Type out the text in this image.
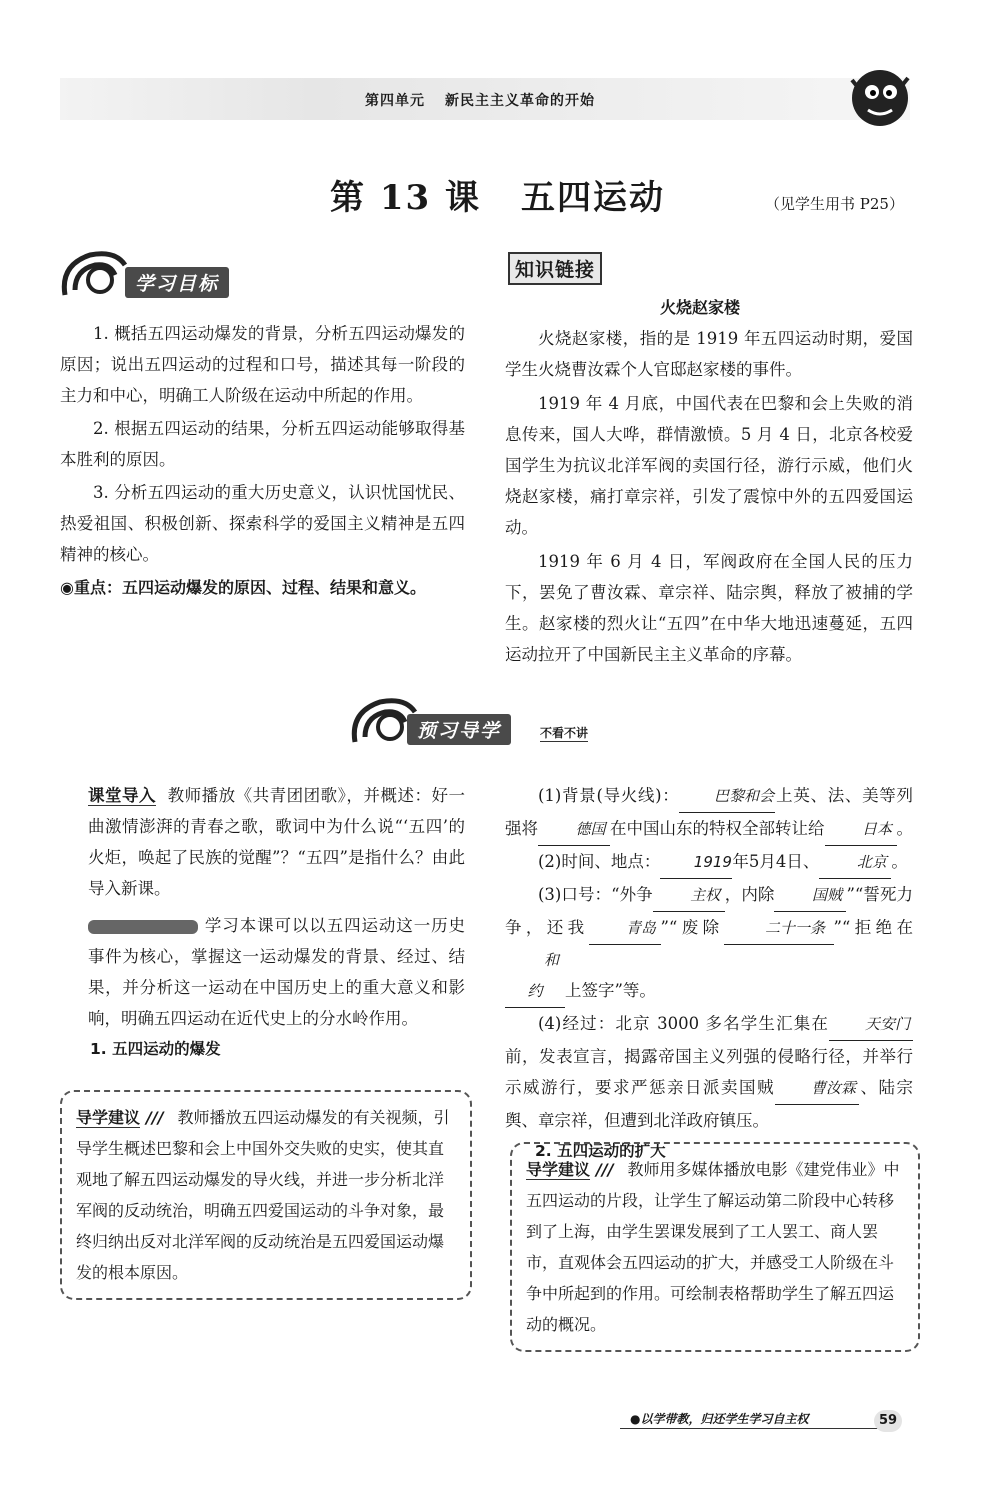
第四单元 新民主主义革命的开始
第 13 课 五四运动	（见学生用书 P25）
学习目标
1. 概括五四运动爆发的背景，分析五四运动爆发的原因；说出五四运动的过程和口号，描述其每一阶段的主力和中心，明确工人阶级在运动中所起的作用。
2. 根据五四运动的结果，分析五四运动能够取得基本胜利的原因。
3. 分析五四运动的重大历史意义，认识忧国忧民、热爱祖国、积极创新、探索科学的爱国主义精神是五四精神的核心。
◉重点：五四运动爆发的原因、过程、结果和意义。
知识链接
火烧赵家楼
火烧赵家楼，指的是 1919 年五四运动时期，爱国学生火烧曹汝霖个人官邸赵家楼的事件。
1919 年 4 月底，中国代表在巴黎和会上失败的消息传来，国人大哗，群情激愤。5 月 4 日，北京各校爱国学生为抗议北洋军阀的卖国行径，游行示威，他们火烧赵家楼，痛打章宗祥，引发了震惊中外的五四爱国运动。
1919 年 6 月 4 日，军阀政府在全国人民的压力下，罢免了曹汝霖、章宗祥、陆宗舆，释放了被捕的学生。赵家楼的烈火让“五四”在中华大地迅速蔓延，五四运动拉开了中国新民主主义革命的序幕。
预习导学	不看不讲
课堂导入 教师播放《共青团团歌》，并概述：好一曲激情澎湃的青春之歌，歌词中为什么说“‘五四’的火炬，唤起了民族的觉醒”？“五四”是指什么？由此导入新课。
学习本课可以以五四运动这一历史事件为核心，掌握这一运动爆发的背景、经过、结果，并分析这一运动在中国历史上的重大意义和影响，明确五四运动在近代史上的分水岭作用。
1. 五四运动的爆发
导学建议 /// 教师播放五四运动爆发的有关视频，引导学生概述巴黎和会上中国外交失败的史实，使其直观地了解五四运动爆发的导火线，并进一步分析北洋军阀的反动统治，明确五四爱国运动的斗争对象，最终归纳出反对北洋军阀的反动统治是五四爱国运动爆发的根本原因。
(1)背景(导火线)： 巴黎和会上英、法、美等列强将 德国 在中国山东的特权全部转让给 日本 。
(2)时间、地点： 1919年5月4日、 北京 。
(3)口号：“外争 主权 ，内除 国贼 ”“誓死力争，还我 青岛 ”“废除	二十一条 ”“拒绝在和约 上签字”等。
(4)经过：北京 3000 多名学生汇集在 天安门前，发表宣言，揭露帝国主义列强的侵略行径，并举行示威游行，要求严惩亲日派卖国贼 曹汝霖 、陆宗舆、章宗祥，但遭到北洋政府镇压。
2. 五四运动的扩大
导学建议 /// 教师用多媒体播放电影《建党伟业》中五四运动的片段，让学生了解运动第二阶段中心转移到了上海，由学生罢课发展到了工人罢工、商人罢市，直观体会五四运动的扩大，并感受工人阶级在斗争中所起到的作用。可绘制表格帮助学生了解五四运动的概况。
●以学带教，归还学生学习自主权	59
